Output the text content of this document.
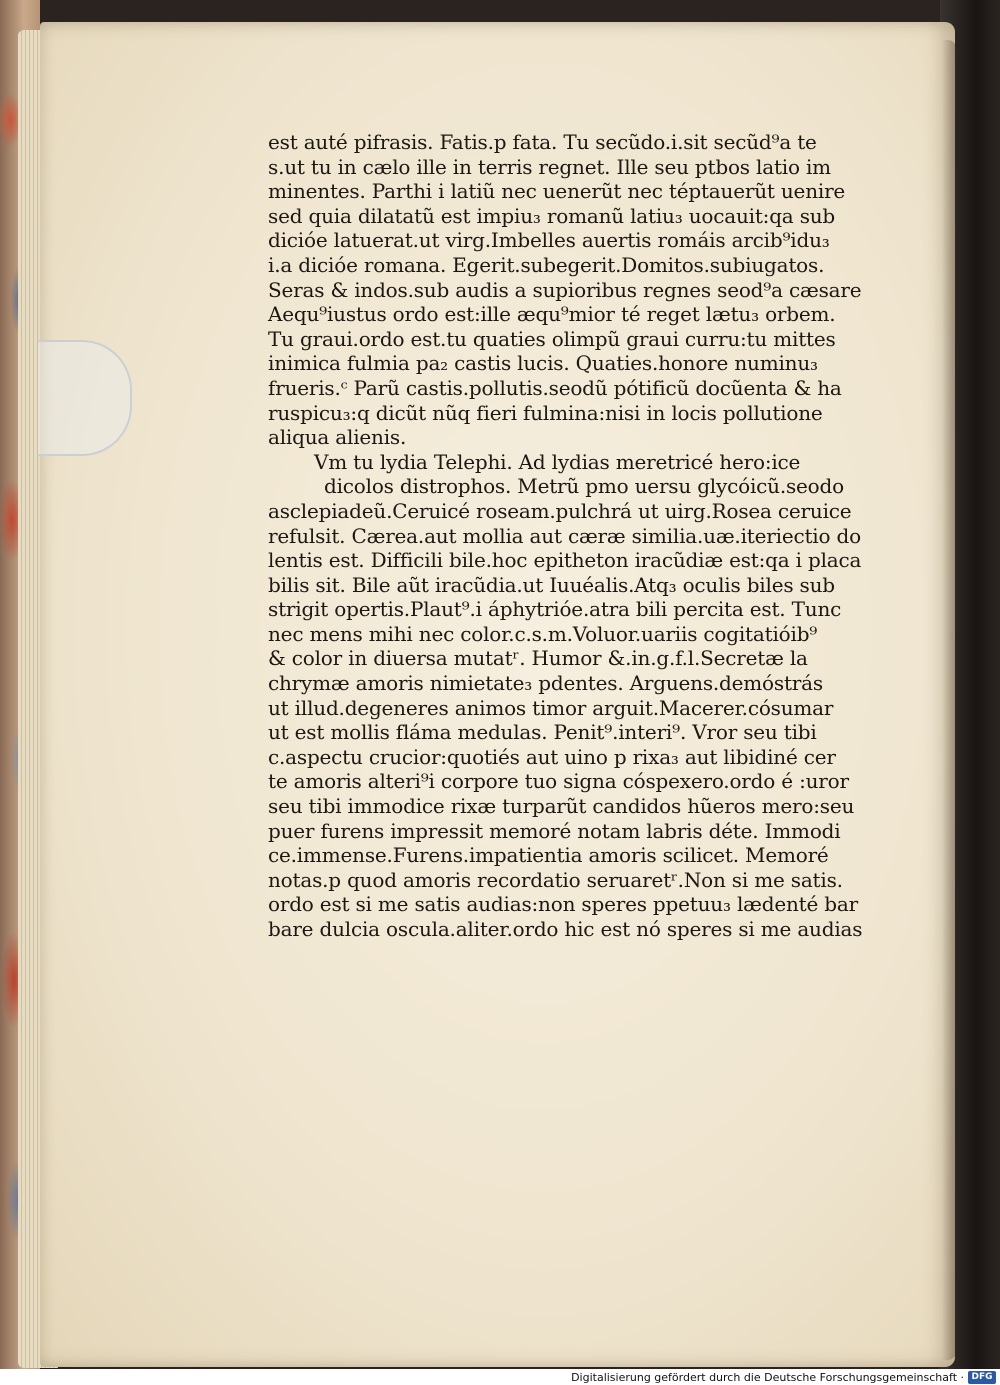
est auté pifrasis. Fatis.p fata. Tu secũdo.i.sit secũd⁹a te
s.ut tu in cælo ille in terris regnet. Ille seu ptbos latio im
minentes. Parthi i latiũ nec uenerũt nec téptauerũt uenire
sed quia dilatatũ est impiu₃ romanũ latiu₃ uocauit:qa sub
dicióe latuerat.ut virg.Imbelles auertis romáis arcib⁹idu₃
i.a dicióe romana. Egerit.subegerit.Domitos.subiugatos.
Seras & indos.sub audis a supioribus regnes seod⁹a cæsare
Aequ⁹iustus ordo est:ille æqu⁹mior té reget lætu₃ orbem.
Tu graui.ordo est.tu quaties olimpũ graui curru:tu mittes
inimica fulmia pa₂ castis lucis. Quaties.honore numinu₃
frueris.ᶜ Parũ castis.pollutis.seodũ pótificũ docũenta & ha
ruspicu₃:q dicũt nũq fieri fulmina:nisi in locis pollutione
aliqua alienis.
Vm tu lydia Telephi. Ad lydias meretricé hero:ice
dicolos distrophos. Metrũ pmo uersu glycóicũ.seodo
asclepiadeũ.Ceruicé roseam.pulchrá ut uirg.Rosea ceruice
refulsit. Cærea.aut mollia aut cæræ similia.uæ.iteriectio do
lentis est. Difficili bile.hoc epitheton iracũdiæ est:qa i placa
bilis sit. Bile aũt iracũdia.ut Iuuéalis.Atq₃ oculis biles sub
strigit opertis.Plaut⁹.i áphytrióe.atra bili percita est. Tunc
nec mens mihi nec color.c.s.m.Voluor.uariis cogitatióib⁹
& color in diuersa mutatʳ. Humor &.in.g.f.l.Secretæ la
chrymæ amoris nimietate₃ pdentes. Arguens.demóstrás
ut illud.degeneres animos timor arguit.Macerer.cósumar
ut est mollis fláma medulas. Penit⁹.interi⁹. Vror seu tibi
c.aspectu crucior:quotiés aut uino p rixa₃ aut libidiné cer
te amoris alteri⁹i corpore tuo signa cóspexero.ordo é :uror
seu tibi immodice rixæ turparũt candidos hũeros mero:seu
puer furens impressit memoré notam labris déte. Immodi
ce.immense.Furens.impatientia amoris scilicet. Memoré
notas.p quod amoris recordatio seruaretʳ.Non si me satis.
ordo est si me satis audias:non speres ppetuu₃ lædenté bar
bare dulcia oscula.aliter.ordo hic est nó speres si me audias
Digitalisierung gefördert durch die Deutsche Forschungsgemeinschaft · DFG
